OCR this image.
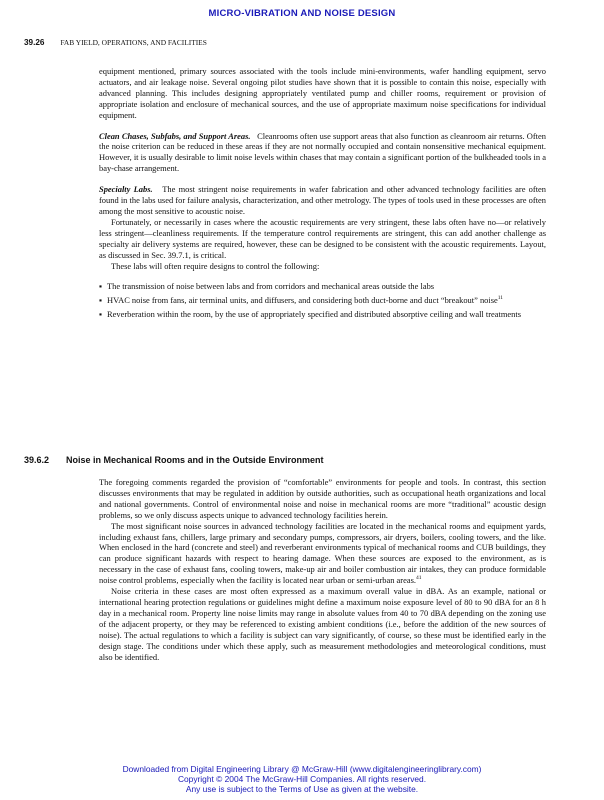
MICRO-VIBRATION AND NOISE DESIGN
39.26 FAB YIELD, OPERATIONS, AND FACILITIES

equipment mentioned, primary sources associated with the tools include mini-environments, wafer handling equipment, servo actuators, and air leakage noise. Several ongoing pilot studies have shown that it is possible to contain this noise, especially with advanced planning. This includes designing appropriately ventilated pump and chiller rooms, requirement or provision of appropriate isolation and enclosure of mechanical sources, and the use of appropriate maximum noise specifications for individual equipment.

Clean Chases, Subfabs, and Support Areas. Cleanrooms often use support areas that also function as cleanroom air returns. Often the noise criterion can be reduced in these areas if they are not normally occupied and contain nonsensitive mechanical equipment. However, it is usually desirable to limit noise levels within chases that may contain a significant portion of the bulkheaded tools in a bay-chase arrangement.

Specialty Labs. The most stringent noise requirements in wafer fabrication and other advanced technology facilities are often found in the labs used for failure analysis, characterization, and other metrology. The types of tools used in these processes are often among the most sensitive to acoustic noise.

Fortunately, or necessarily in cases where the acoustic requirements are very stringent, these labs often have no—or relatively less stringent—cleanliness requirements. If the temperature control requirements are stringent, this can add another challenge as specialty air delivery systems are required, however, these can be designed to be consistent with the acoustic requirements. Layout, as discussed in Sec. 39.7.1, is critical.

These labs will often require designs to control the following:

▪ The transmission of noise between labs and from corridors and mechanical areas outside the labs
▪ HVAC noise from fans, air terminal units, and diffusers, and considering both duct-borne and duct “breakout” noise$^{11}$
▪ Reverberation within the room, by the use of appropriately specified and distributed absorptive ceiling and wall treatments
39.6.2 Noise in Mechanical Rooms and in the Outside Environment

The foregoing comments regarded the provision of “comfortable” environments for people and tools. In contrast, this section discusses environments that may be regulated in addition by outside authorities, such as occupational heath organizations and local and national governments. Control of environmental noise and noise in mechanical rooms are more “traditional” acoustic design problems, so we only discuss aspects unique to advanced technology facilities herein.

The most significant noise sources in advanced technology facilities are located in the mechanical rooms and equipment yards, including exhaust fans, chillers, large primary and secondary pumps, compressors, air dryers, boilers, cooling towers, and the like. When enclosed in the hard (concrete and steel) and reverberant environments typical of mechanical rooms and CUB buildings, they can produce significant hazards with respect to hearing damage. When these sources are exposed to the environment, as is necessary in the case of exhaust fans, cooling towers, make-up air and boiler combustion air intakes, they can produce formidable noise control problems, especially when the facility is located near urban or semi-urban areas.$^{41}$

Noise criteria in these cases are most often expressed as a maximum overall value in dBA. As an example, national or international hearing protection regulations or guidelines might define a maximum noise exposure level of 80 to 90 dBA for an 8 h day in a mechanical room. Property line noise limits may range in absolute values from 40 to 70 dBA depending on the zoning use of the adjacent property, or they may be referenced to existing ambient conditions (i.e., before the addition of the new sources of noise). The actual regulations to which a facility is subject can vary significantly, of course, so these must be identified early in the design stage. The conditions under which these apply, such as measurement methodologies and meteorological conditions, must also be identified.

Downloaded from Digital Engineering Library @ McGraw-Hill (www.digitalengineeringlibrary.com)
Copyright © 2004 The McGraw-Hill Companies. All rights reserved.
Any use is subject to the Terms of Use as given at the website.
